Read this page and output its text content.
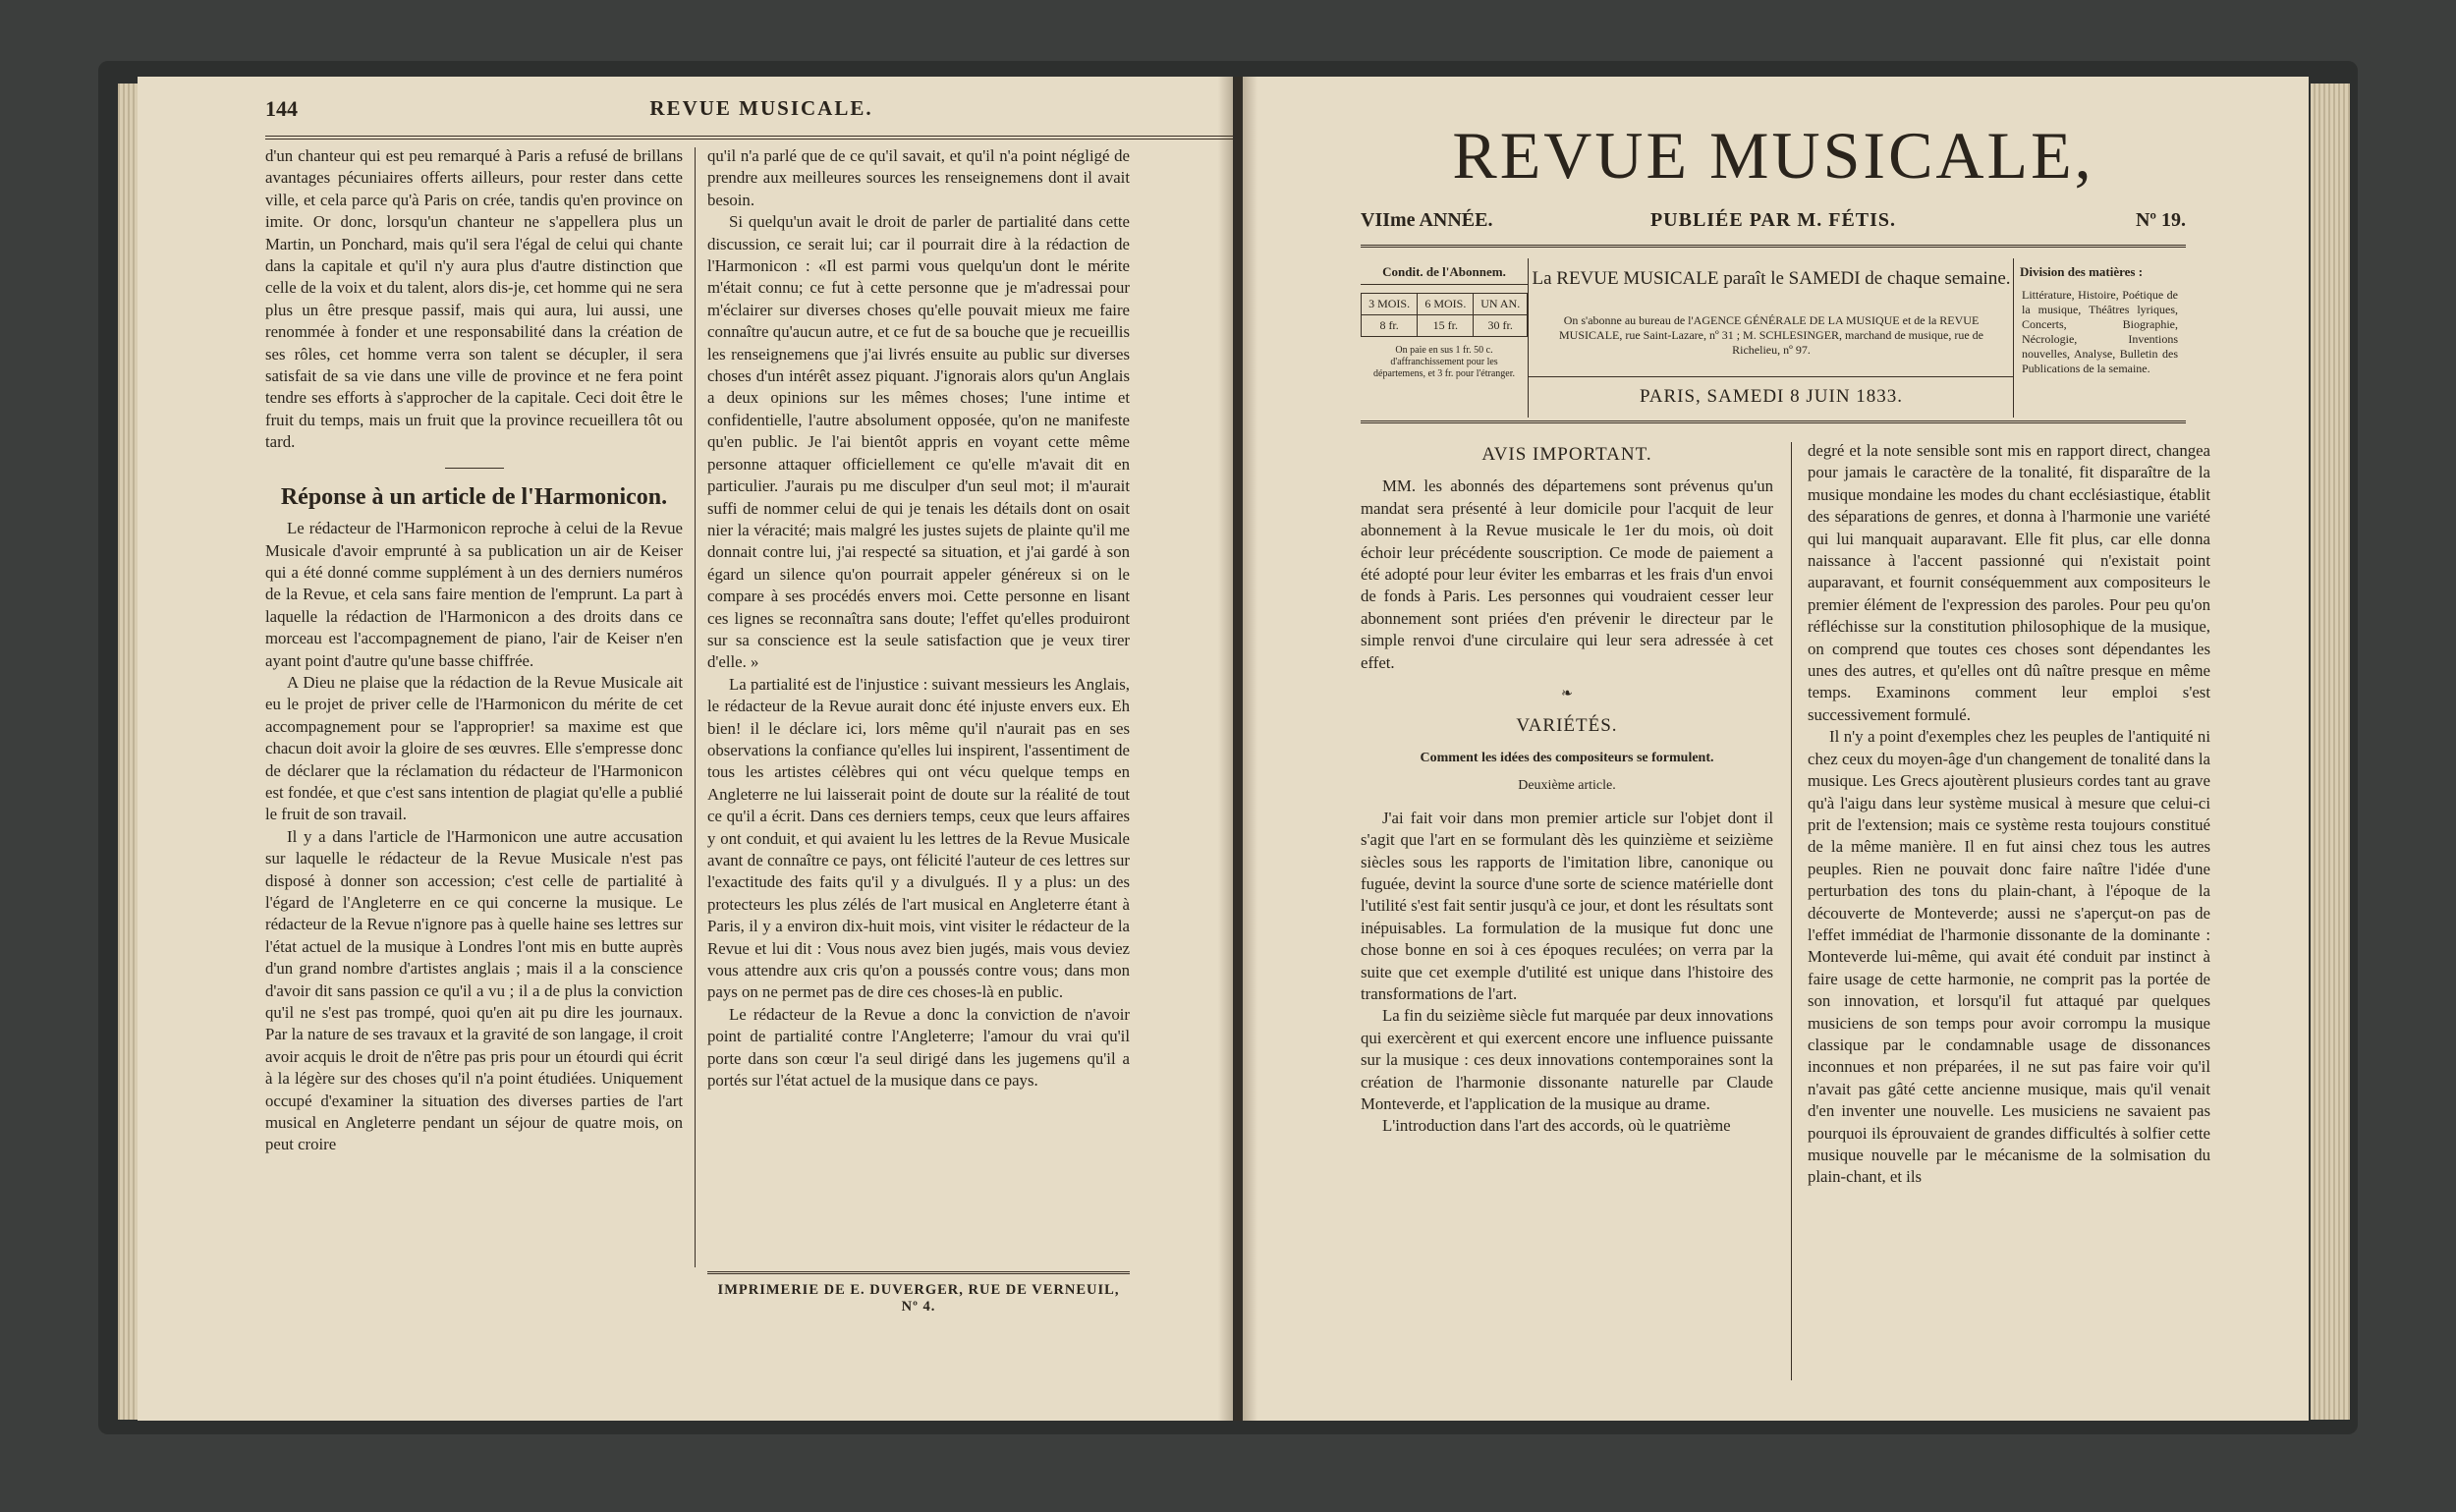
144	REVUE MUSICALE.

d'un chanteur qui est peu remarqué à Paris a refusé de brillans avantages pécuniaires offerts ailleurs, pour rester dans cette ville, et cela parce qu'à Paris on crée, tandis qu'en province on imite. Or donc, lorsqu'un chanteur ne s'appellera plus un Martin, un Ponchard, mais qu'il sera l'égal de celui qui chante dans la capitale et qu'il n'y aura plus d'autre distinction que celle de la voix et du talent, alors dis-je, cet homme qui ne sera plus un être presque passif, mais qui aura, lui aussi, une renommée à fonder et une responsabilité dans la création de ses rôles, cet homme verra son talent se décupler, il sera satisfait de sa vie dans une ville de province et ne fera point tendre ses efforts à s'approcher de la capitale. Ceci doit être le fruit du temps, mais un fruit que la province recueillera tôt ou tard.

Réponse à un article de l'Harmonicon.

Le rédacteur de l'Harmonicon reproche à celui de la Revue Musicale d'avoir emprunté à sa publication un air de Keiser qui a été donné comme supplément à un des derniers numéros de la Revue, et cela sans faire mention de l'emprunt. La part à laquelle la rédaction de l'Harmonicon a des droits dans ce morceau est l'accompagnement de piano, l'air de Keiser n'en ayant point d'autre qu'une basse chiffrée.

A Dieu ne plaise que la rédaction de la Revue Musicale ait eu le projet de priver celle de l'Harmonicon du mérite de cet accompagnement pour se l'approprier! sa maxime est que chacun doit avoir la gloire de ses œuvres. Elle s'empresse donc de déclarer que la réclamation du rédacteur de l'Harmonicon est fondée, et que c'est sans intention de plagiat qu'elle a publié le fruit de son travail.

Il y a dans l'article de l'Harmonicon une autre accusation sur laquelle le rédacteur de la Revue Musicale n'est pas disposé à donner son accession; c'est celle de partialité à l'égard de l'Angleterre en ce qui concerne la musique. Le rédacteur de la Revue n'ignore pas à quelle haine ses lettres sur l'état actuel de la musique à Londres l'ont mis en butte auprès d'un grand nombre d'artistes anglais ; mais il a la conscience d'avoir dit sans passion ce qu'il a vu ; il a de plus la conviction qu'il ne s'est pas trompé, quoi qu'en ait pu dire les journaux. Par la nature de ses travaux et la gravité de son langage, il croit avoir acquis le droit de n'être pas pris pour un étourdi qui écrit à la légère sur des choses qu'il n'a point étudiées. Uniquement occupé d'examiner la situation des diverses parties de l'art musical en Angleterre pendant un séjour de quatre mois, on peut croire

qu'il n'a parlé que de ce qu'il savait, et qu'il n'a point négligé de prendre aux meilleures sources les renseignemens dont il avait besoin.

Si quelqu'un avait le droit de parler de partialité dans cette discussion, ce serait lui; car il pourrait dire à la rédaction de l'Harmonicon : «Il est parmi vous quelqu'un dont le mérite m'était connu; ce fut à cette personne que je m'adressai pour m'éclairer sur diverses choses qu'elle pouvait mieux me faire connaître qu'aucun autre, et ce fut de sa bouche que je recueillis les renseignemens que j'ai livrés ensuite au public sur diverses choses d'un intérêt assez piquant. J'ignorais alors qu'un Anglais a deux opinions sur les mêmes choses; l'une intime et confidentielle, l'autre absolument opposée, qu'on ne manifeste qu'en public. Je l'ai bientôt appris en voyant cette même personne attaquer officiellement ce qu'elle m'avait dit en particulier. J'aurais pu me disculper d'un seul mot; il m'aurait suffi de nommer celui de qui je tenais les détails dont on osait nier la véracité; mais malgré les justes sujets de plainte qu'il me donnait contre lui, j'ai respecté sa situation, et j'ai gardé à son égard un silence qu'on pourrait appeler généreux si on le compare à ses procédés envers moi. Cette personne en lisant ces lignes se reconnaîtra sans doute; l'effet qu'elles produiront sur sa conscience est la seule satisfaction que je veux tirer d'elle. »

La partialité est de l'injustice : suivant messieurs les Anglais, le rédacteur de la Revue aurait donc été injuste envers eux. Eh bien! il le déclare ici, lors même qu'il n'aurait pas en ses observations la confiance qu'elles lui inspirent, l'assentiment de tous les artistes célèbres qui ont vécu quelque temps en Angleterre ne lui laisserait point de doute sur la réalité de tout ce qu'il a écrit. Dans ces derniers temps, ceux que leurs affaires y ont conduit, et qui avaient lu les lettres de la Revue Musicale avant de connaître ce pays, ont félicité l'auteur de ces lettres sur l'exactitude des faits qu'il y a divulgués. Il y a plus: un des protecteurs les plus zélés de l'art musical en Angleterre étant à Paris, il y a environ dix-huit mois, vint visiter le rédacteur de la Revue et lui dit : Vous nous avez bien jugés, mais vous deviez vous attendre aux cris qu'on a poussés contre vous; dans mon pays on ne permet pas de dire ces choses-là en public.

Le rédacteur de la Revue a donc la conviction de n'avoir point de partialité contre l'Angleterre; l'amour du vrai qu'il porte dans son cœur l'a seul dirigé dans les jugemens qu'il a portés sur l'état actuel de la musique dans ce pays.

IMPRIMERIE DE E. DUVERGER, RUE DE VERNEUIL, Nº 4.
REVUE MUSICALE,
VIIme ANNÉE.	PUBLIÉE PAR M. FÉTIS.	Nº 19.
Condit. de l'Abonnem.
3 MOIS.	6 MOIS.	UN AN.
8 fr.	15 fr.	30 fr.
On paie en sus 1 fr. 50 c. d'affranchissement pour les départemens, et 3 fr. pour l'étranger.
La REVUE MUSICALE paraît le SAMEDI de chaque semaine.
On s'abonne au bureau de l'AGENCE GÉNÉRALE DE LA MUSIQUE et de la REVUE MUSICALE, rue Saint-Lazare, nº 31 ; M. SCHLESINGER, marchand de musique, rue de Richelieu, nº 97.
PARIS, SAMEDI 8 JUIN 1833.
Division des matières :
Littérature, Histoire, Poétique de la musique, Théâtres lyriques, Concerts, Biographie, Nécrologie, Inventions nouvelles, Analyse, Bulletin des Publications de la semaine.
AVIS IMPORTANT.

MM. les abonnés des départemens sont prévenus qu'un mandat sera présenté à leur domicile pour l'acquit de leur abonnement à la Revue musicale le 1er du mois, où doit échoir leur précédente souscription. Ce mode de paiement a été adopté pour leur éviter les embarras et les frais d'un envoi de fonds à Paris. Les personnes qui voudraient cesser leur abonnement sont priées d'en prévenir le directeur par le simple renvoi d'une circulaire qui leur sera adressée à cet effet.

❧
VARIÉTÉS.
Comment les idées des compositeurs se formulent.
Deuxième article.

J'ai fait voir dans mon premier article sur l'objet dont il s'agit que l'art en se formulant dès les quinzième et seizième siècles sous les rapports de l'imitation libre, canonique ou fuguée, devint la source d'une sorte de science matérielle dont l'utilité s'est fait sentir jusqu'à ce jour, et dont les résultats sont inépuisables. La formulation de la musique fut donc une chose bonne en soi à ces époques reculées; on verra par la suite que cet exemple d'utilité est unique dans l'histoire des transformations de l'art.

La fin du seizième siècle fut marquée par deux innovations qui exercèrent et qui exercent encore une influence puissante sur la musique : ces deux innovations contemporaines sont la création de l'harmonie dissonante naturelle par Claude Monteverde, et l'application de la musique au drame.

L'introduction dans l'art des accords, où le quatrième

degré et la note sensible sont mis en rapport direct, changea pour jamais le caractère de la tonalité, fit disparaître de la musique mondaine les modes du chant ecclésiastique, établit des séparations de genres, et donna à l'harmonie une variété qui lui manquait auparavant. Elle fit plus, car elle donna naissance à l'accent passionné qui n'existait point auparavant, et fournit conséquemment aux compositeurs le premier élément de l'expression des paroles. Pour peu qu'on réfléchisse sur la constitution philosophique de la musique, on comprend que toutes ces choses sont dépendantes les unes des autres, et qu'elles ont dû naître presque en même temps. Examinons comment leur emploi s'est successivement formulé.

Il n'y a point d'exemples chez les peuples de l'antiquité ni chez ceux du moyen-âge d'un changement de tonalité dans la musique. Les Grecs ajoutèrent plusieurs cordes tant au grave qu'à l'aigu dans leur système musical à mesure que celui-ci prit de l'extension; mais ce système resta toujours constitué de la même manière. Il en fut ainsi chez tous les autres peuples. Rien ne pouvait donc faire naître l'idée d'une perturbation des tons du plain-chant, à l'époque de la découverte de Monteverde; aussi ne s'aperçut-on pas de l'effet immédiat de l'harmonie dissonante de la dominante : Monteverde lui-même, qui avait été conduit par instinct à faire usage de cette harmonie, ne comprit pas la portée de son innovation, et lorsqu'il fut attaqué par quelques musiciens de son temps pour avoir corrompu la musique classique par le condamnable usage de dissonances inconnues et non préparées, il ne sut pas faire voir qu'il n'avait pas gâté cette ancienne musique, mais qu'il venait d'en inventer une nouvelle. Les musiciens ne savaient pas pourquoi ils éprouvaient de grandes difficultés à solfier cette musique nouvelle par le mécanisme de la solmisation du plain-chant, et ils
